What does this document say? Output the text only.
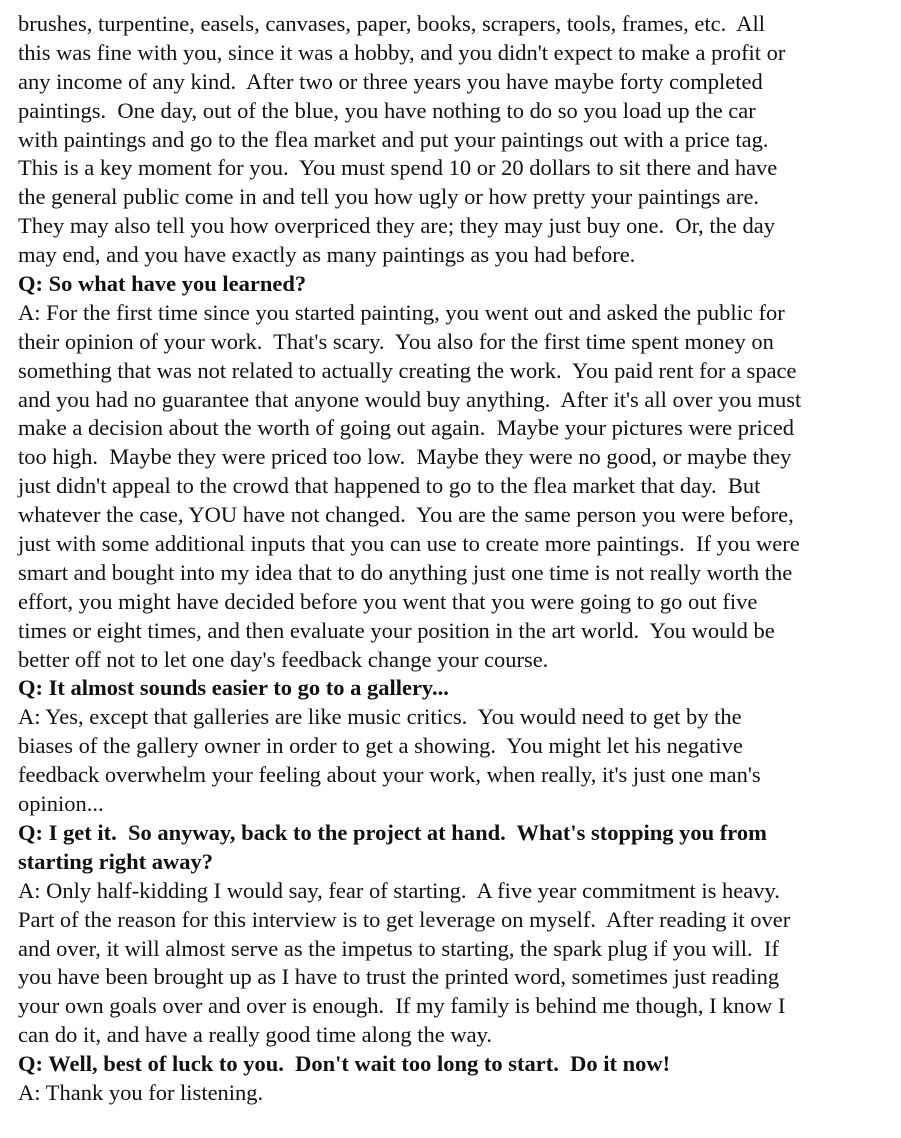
brushes, turpentine, easels, canvases, paper, books, scrapers, tools, frames, etc.  All
this was fine with you, since it was a hobby, and you didn't expect to make a profit or
any income of any kind.  After two or three years you have maybe forty completed
paintings.  One day, out of the blue, you have nothing to do so you load up the car
with paintings and go to the flea market and put your paintings out with a price tag.
This is a key moment for you.  You must spend 10 or 20 dollars to sit there and have
the general public come in and tell you how ugly or how pretty your paintings are.
They may also tell you how overpriced they are; they may just buy one.  Or, the day
may end, and you have exactly as many paintings as you had before.
Q: So what have you learned?
A: For the first time since you started painting, you went out and asked the public for
their opinion of your work.  That's scary.  You also for the first time spent money on
something that was not related to actually creating the work.  You paid rent for a space
and you had no guarantee that anyone would buy anything.  After it's all over you must
make a decision about the worth of going out again.  Maybe your pictures were priced
too high.  Maybe they were priced too low.  Maybe they were no good, or maybe they
just didn't appeal to the crowd that happened to go to the flea market that day.  But
whatever the case, YOU have not changed.  You are the same person you were before,
just with some additional inputs that you can use to create more paintings.  If you were
smart and bought into my idea that to do anything just one time is not really worth the
effort, you might have decided before you went that you were going to go out five
times or eight times, and then evaluate your position in the art world.  You would be
better off not to let one day's feedback change your course.
Q: It almost sounds easier to go to a gallery...
A: Yes, except that galleries are like music critics.  You would need to get by the
biases of the gallery owner in order to get a showing.  You might let his negative
feedback overwhelm your feeling about your work, when really, it's just one man's
opinion...
Q: I get it.  So anyway, back to the project at hand.  What's stopping you from
starting right away?
A: Only half-kidding I would say, fear of starting.  A five year commitment is heavy.
Part of the reason for this interview is to get leverage on myself.  After reading it over
and over, it will almost serve as the impetus to starting, the spark plug if you will.  If
you have been brought up as I have to trust the printed word, sometimes just reading
your own goals over and over is enough.  If my family is behind me though, I know I
can do it, and have a really good time along the way.
Q: Well, best of luck to you.  Don't wait too long to start.  Do it now!
A: Thank you for listening.
